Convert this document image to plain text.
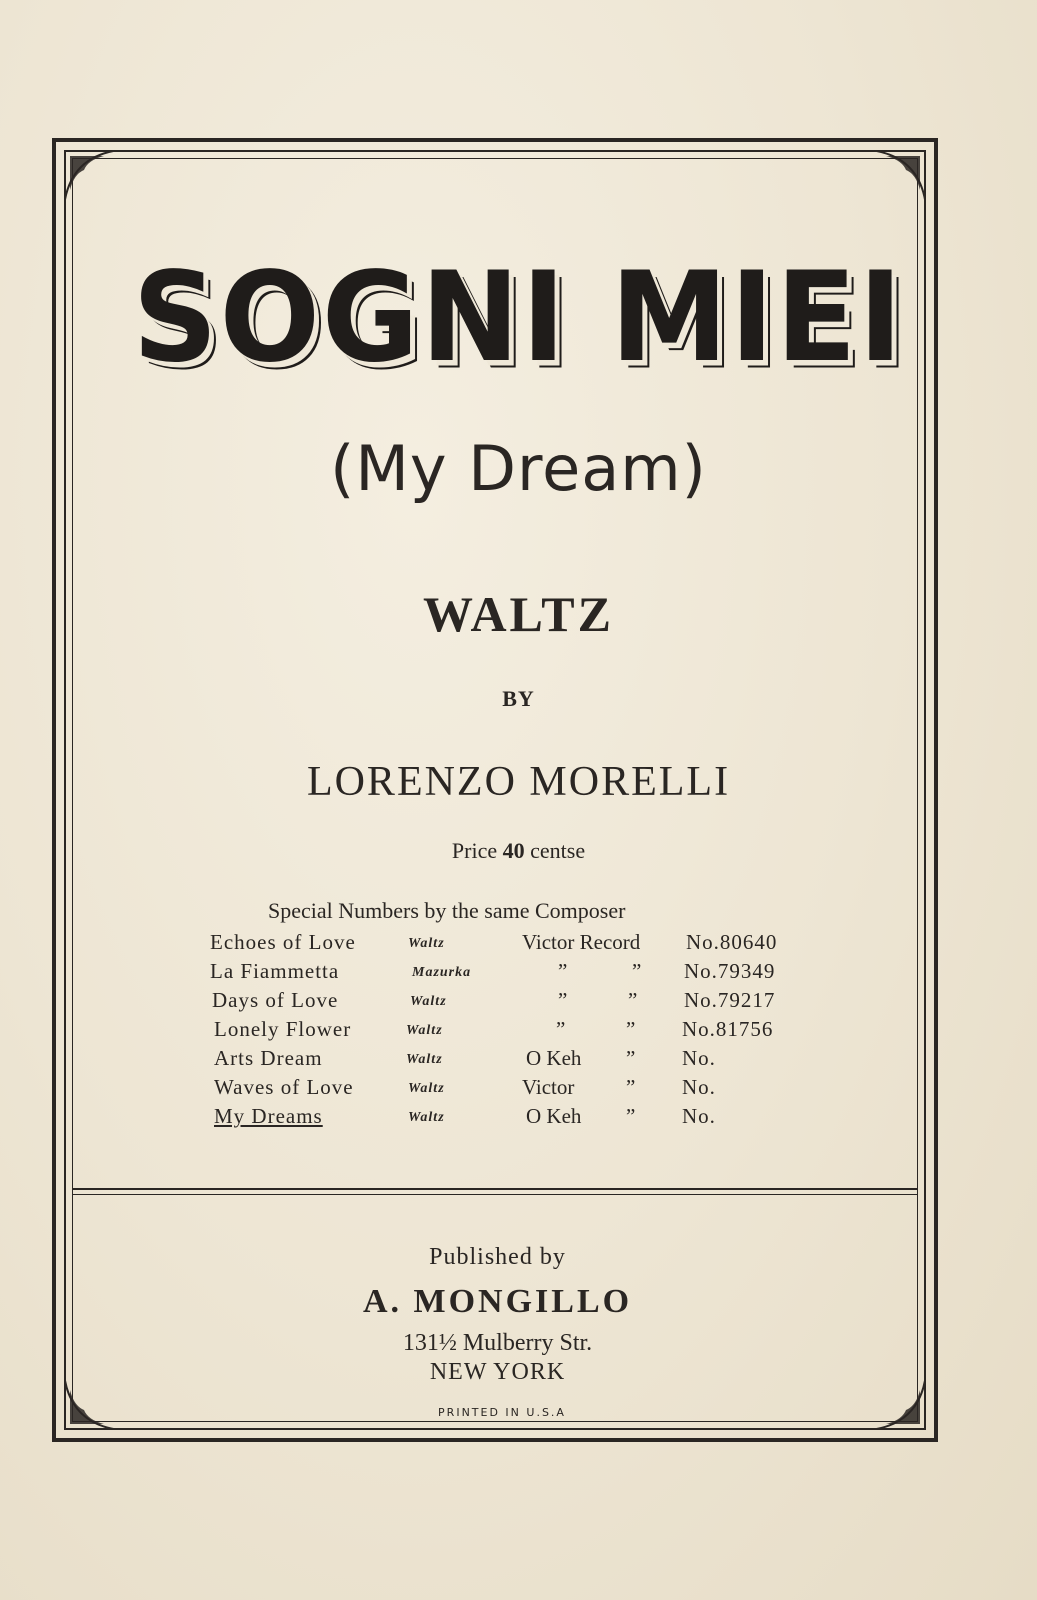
SOGNI MIEI
(My Dream)
WALTZ
BY
LORENZO MORELLI
Price 40 centse
Special Numbers by the same Composer
Echoes of Love	Waltz	Victor Record No.80640
La Fiammetta	Mazurka	”	” No.79349
Days of Love	Waltz	”	” No.79217
Lonely Flower	Waltz	”	” No.81756
Arts Dream	Waltz	O Keh ” No.
Waves of Love	Waltz	Victor ” No.
My Dreams	Waltz	O Keh ” No.
Published by
A. MONGILLO
131½ Mulberry Str.
NEW YORK
PRINTED IN U.S.A
